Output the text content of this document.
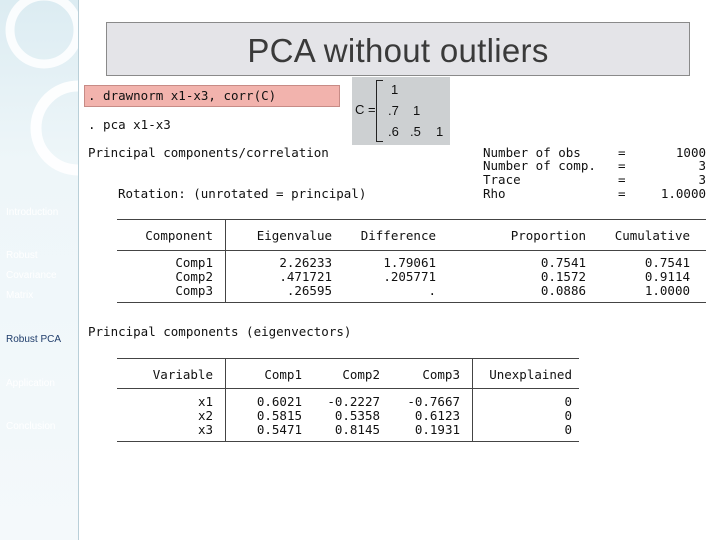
Introduction
Robust
Covariance
Matrix
Robust PCA
Application
Conclusion
PCA without outliers
. drawnorm x1-x3, corr(C)
. pca x1-x3
C =
1
.7 1
.6 .5 1
Principal components/correlation
Rotation: (unrotated = principal)
Number of obs	=	1000
Number of comp. =	3
Trace	=	3
Rho	=	1.0000
Component	Eigenvalue	Difference	Proportion	Cumulative
Comp1	2.26233	1.79061	0.7541	0.7541
Comp2	.471721	.205771	0.1572	0.9114
Comp3	.26595	.	0.0886	1.0000
Principal components (eigenvectors)
Variable	Comp1	Comp2	Comp3	Unexplained
x1	0.6021	-0.2227	-0.7667	0
x2	0.5815	0.5358	0.6123	0
x3	0.5471	0.8145	0.1931	0
